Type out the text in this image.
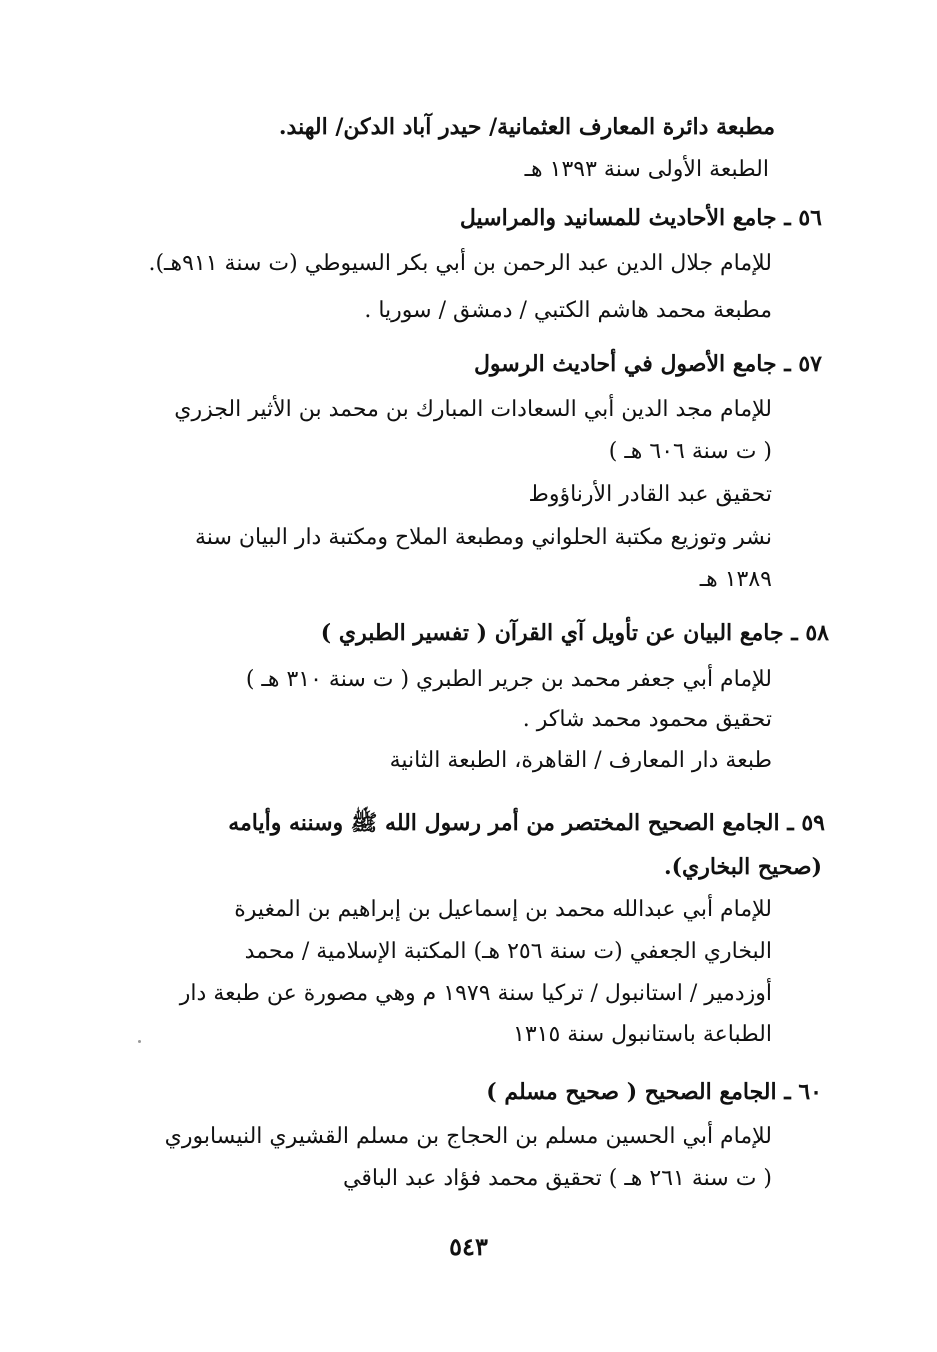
مطبعة دائرة المعارف العثمانية/ حيدر آباد الدكن/ الهند.
الطبعة الأولى سنة ١٣٩٣ هـ
٥٦ ـ جامع الأحاديث للمسانيد والمراسيل
للإمام جلال الدين عبد الرحمن بن أبي بكر السيوطي (ت سنة ٩١١هـ).
مطبعة محمد هاشم الكتبي / دمشق / سوريا .
٥٧ ـ جامع الأصول في أحاديث الرسول
للإمام مجد الدين أبي السعادات المبارك بن محمد بن الأثير الجزري
( ت سنة ٦٠٦ هـ )
تحقيق عبد القادر الأرناؤوط
نشر وتوزيع مكتبة الحلواني ومطبعة الملاح ومكتبة دار البيان سنة
١٣٨٩ هـ
٥٨ ـ جامع البيان عن تأويل آي القرآن ( تفسير الطبري )
للإمام أبي جعفر محمد بن جرير الطبري ( ت سنة ٣١٠ هـ )
تحقيق محمود محمد شاكر .
طبعة دار المعارف / القاهرة، الطبعة الثانية
٥٩ ـ الجامع الصحيح المختصر من أمر رسول الله ﷺ وسننه وأيامه
(صحيح البخاري).
للإمام أبي عبدالله محمد بن إسماعيل بن إبراهيم بن المغيرة
البخاري الجعفي (ت سنة ٢٥٦ هـ) المكتبة الإسلامية / محمد
أوزدمير / استانبول / تركيا سنة ١٩٧٩ م وهي مصورة عن طبعة دار
الطباعة باستانبول سنة ١٣١٥
٦٠ ـ الجامع الصحيح ( صحيح مسلم )
للإمام أبي الحسين مسلم بن الحجاج بن مسلم القشيري النيسابوري
( ت سنة ٢٦١ هـ ) تحقيق محمد فؤاد عبد الباقي
٥٤٣
